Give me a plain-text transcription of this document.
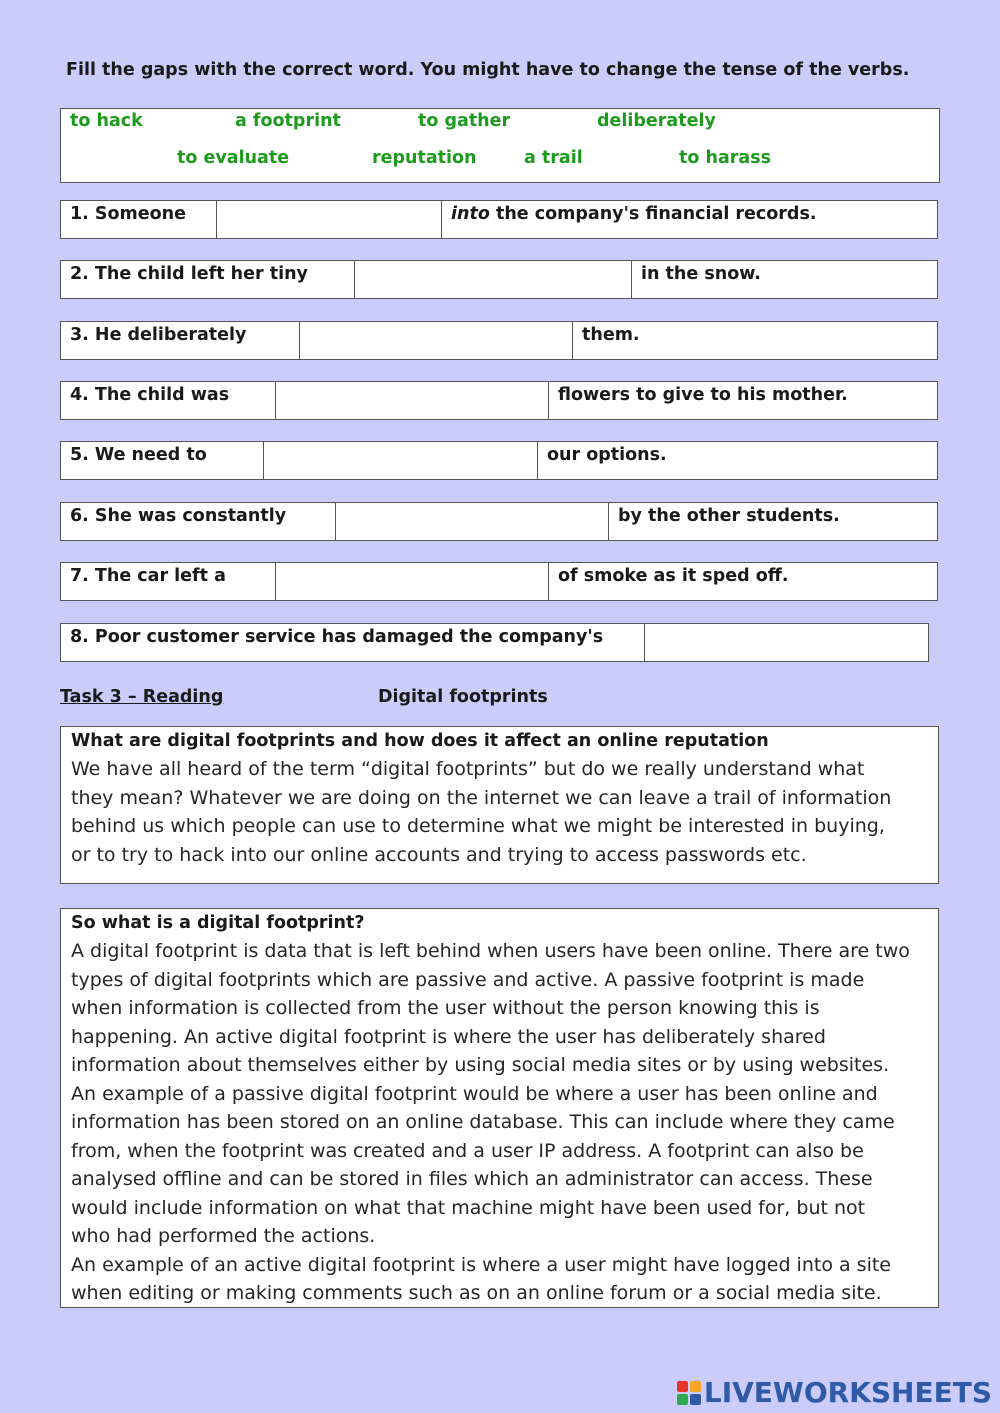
Fill the gaps with the correct word. You might have to change the tense of the verbs.
to hack	a footprint	to gather	deliberately
to evaluate	reputation	a trail	to harass
1. Someone	into the company's financial records.
2. The child left her tiny	in the snow.
3. He deliberately	them.
4. The child was	flowers to give to his mother.
5. We need to	our options.
6. She was constantly	by the other students.
7. The car left a	of smoke as it sped off.
8. Poor customer service has damaged the company's
Task 3 – Reading	Digital footprints
What are digital footprints and how does it affect an online reputation

We have all heard of the term “digital footprints” but do we really understand what

they mean? Whatever we are doing on the internet we can leave a trail of information

behind us which people can use to determine what we might be interested in buying,

or to try to hack into our online accounts and trying to access passwords etc.

So what is a digital footprint?

A digital footprint is data that is left behind when users have been online. There are two

types of digital footprints which are passive and active. A passive footprint is made

when information is collected from the user without the person knowing this is

happening. An active digital footprint is where the user has deliberately shared

information about themselves either by using social media sites or by using websites.

An example of a passive digital footprint would be where a user has been online and

information has been stored on an online database. This can include where they came

from, when the footprint was created and a user IP address. A footprint can also be

analysed offline and can be stored in files which an administrator can access. These

would include information on what that machine might have been used for, but not

who had performed the actions.

An example of an active digital footprint is where a user might have logged into a site

when editing or making comments such as on an online forum or a social media site.

LIVEWORKSHEETS
